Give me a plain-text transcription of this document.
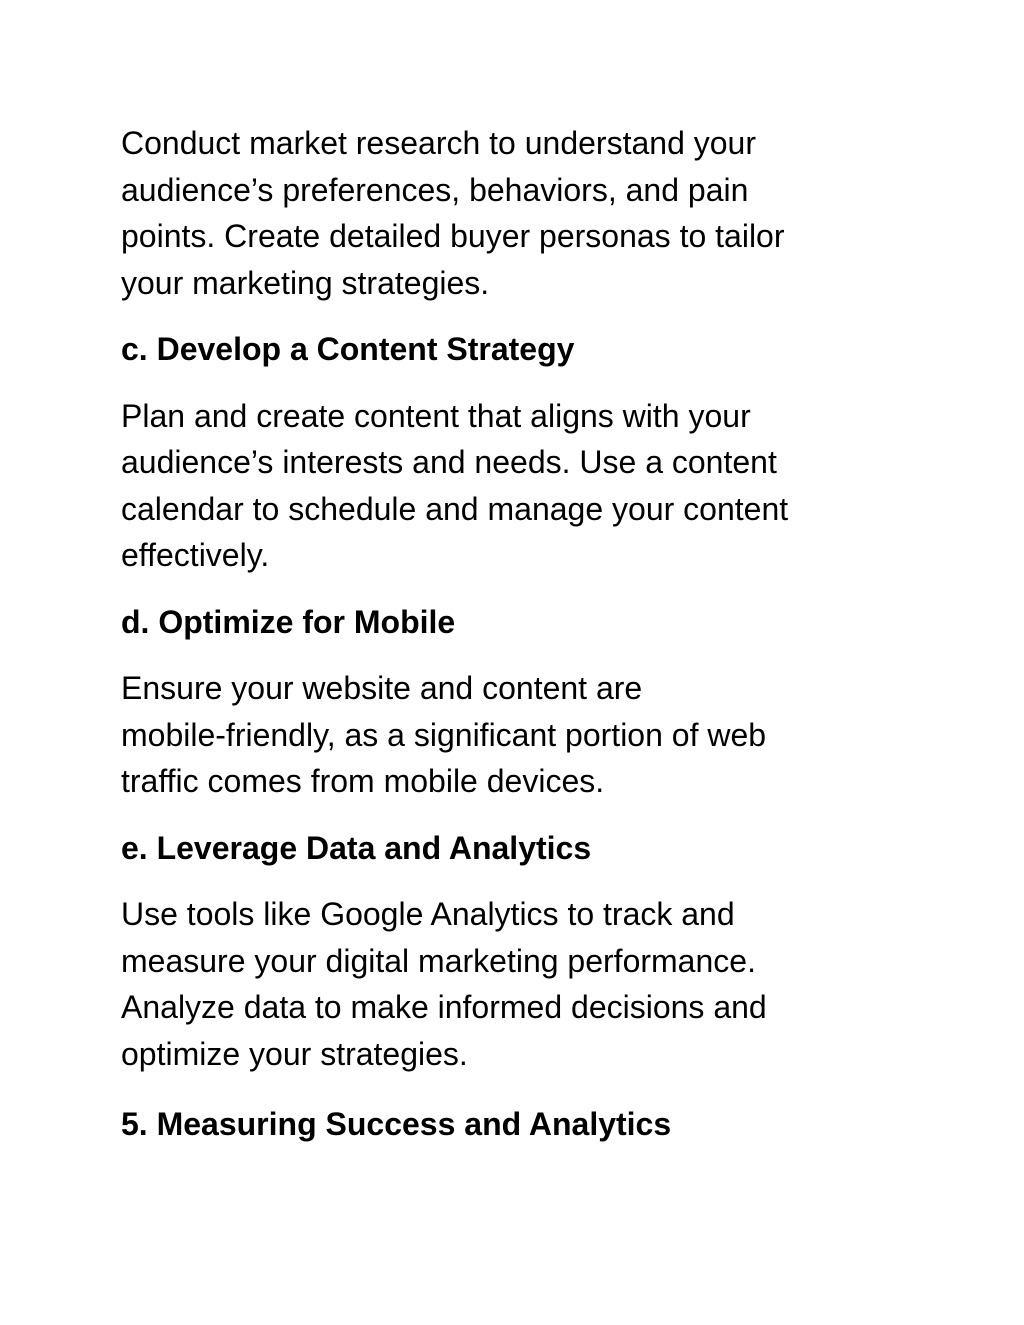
Conduct market research to understand your
audience’s preferences, behaviors, and pain
points. Create detailed buyer personas to tailor
your marketing strategies.

c. Develop a Content Strategy

Plan and create content that aligns with your
audience’s interests and needs. Use a content
calendar to schedule and manage your content
effectively.

d. Optimize for Mobile

Ensure your website and content are
mobile-friendly, as a significant portion of web
traffic comes from mobile devices.

e. Leverage Data and Analytics

Use tools like Google Analytics to track and
measure your digital marketing performance.
Analyze data to make informed decisions and
optimize your strategies.

5. Measuring Success and Analytics
